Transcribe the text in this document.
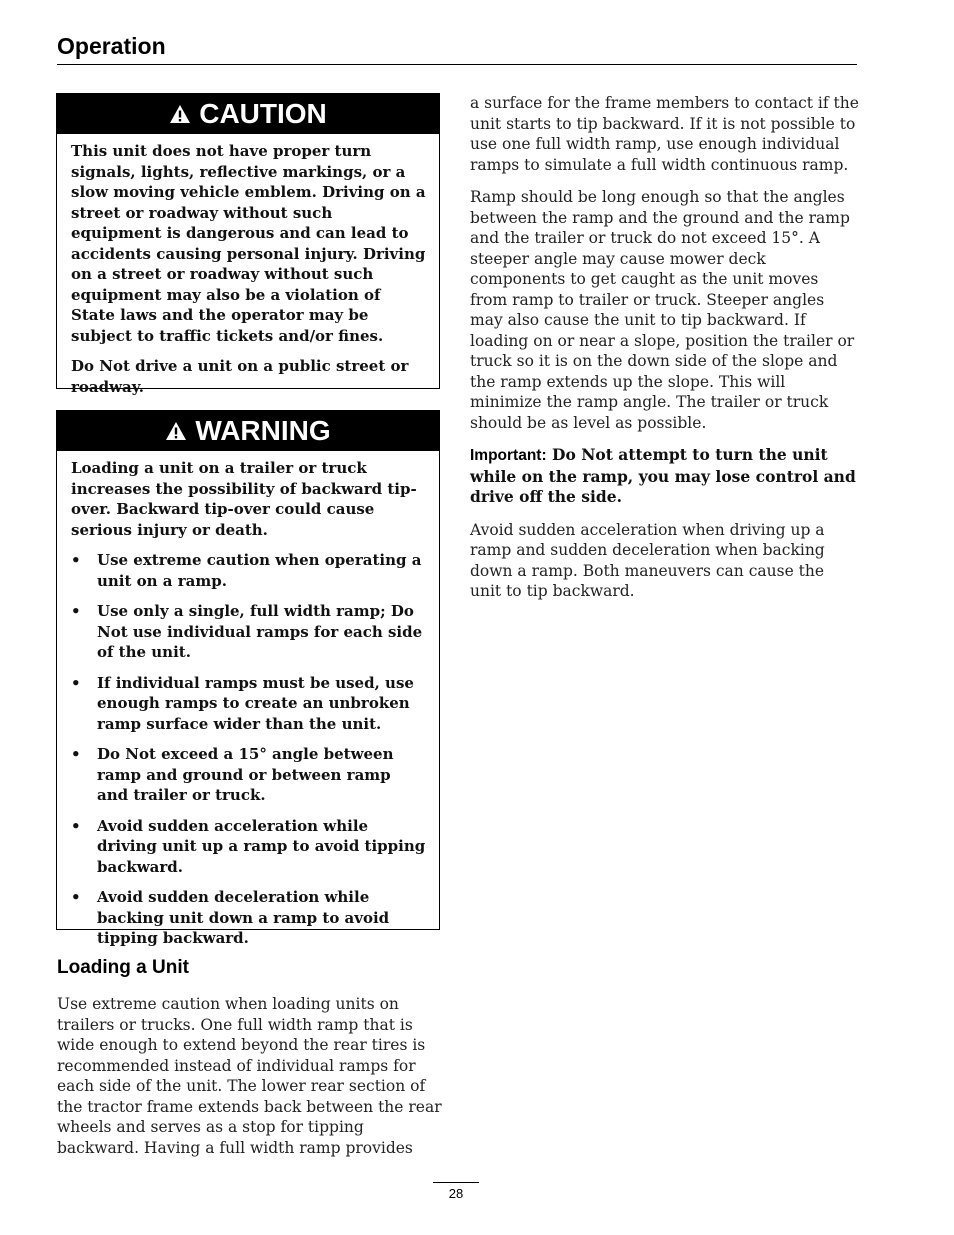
Operation
CAUTION

This unit does not have proper turn signals, lights, reflective markings, or a slow moving vehicle emblem. Driving on a street or roadway without such equipment is dangerous and can lead to accidents causing personal injury. Driving on a street or roadway without such equipment may also be a violation of State laws and the operator may be subject to traffic tickets and/or fines.

Do Not drive a unit on a public street or roadway.

WARNING

Loading a unit on a trailer or truck increases the possibility of backward tip-over. Backward tip-over could cause serious injury or death.

• Use extreme caution when operating a unit on a ramp.
• Use only a single, full width ramp; Do Not use individual ramps for each side of the unit.
• If individual ramps must be used, use enough ramps to create an unbroken ramp surface wider than the unit.
• Do Not exceed a 15° angle between ramp and ground or between ramp and trailer or truck.
• Avoid sudden acceleration while driving unit up a ramp to avoid tipping backward.
• Avoid sudden deceleration while backing unit down a ramp to avoid tipping backward.
Loading a Unit

Use extreme caution when loading units on trailers or trucks. One full width ramp that is wide enough to extend beyond the rear tires is recommended instead of individual ramps for each side of the unit. The lower rear section of the tractor frame extends back between the rear wheels and serves as a stop for tipping backward. Having a full width ramp provides

a surface for the frame members to contact if the unit starts to tip backward. If it is not possible to use one full width ramp, use enough individual ramps to simulate a full width continuous ramp.

Ramp should be long enough so that the angles between the ramp and the ground and the ramp and the trailer or truck do not exceed 15°. A steeper angle may cause mower deck components to get caught as the unit moves from ramp to trailer or truck. Steeper angles may also cause the unit to tip backward. If loading on or near a slope, position the trailer or truck so it is on the down side of the slope and the ramp extends up the slope. This will minimize the ramp angle. The trailer or truck should be as level as possible.

Important: Do Not attempt to turn the unit while on the ramp, you may lose control and drive off the side.

Avoid sudden acceleration when driving up a ramp and sudden deceleration when backing down a ramp. Both maneuvers can cause the unit to tip backward.

28
